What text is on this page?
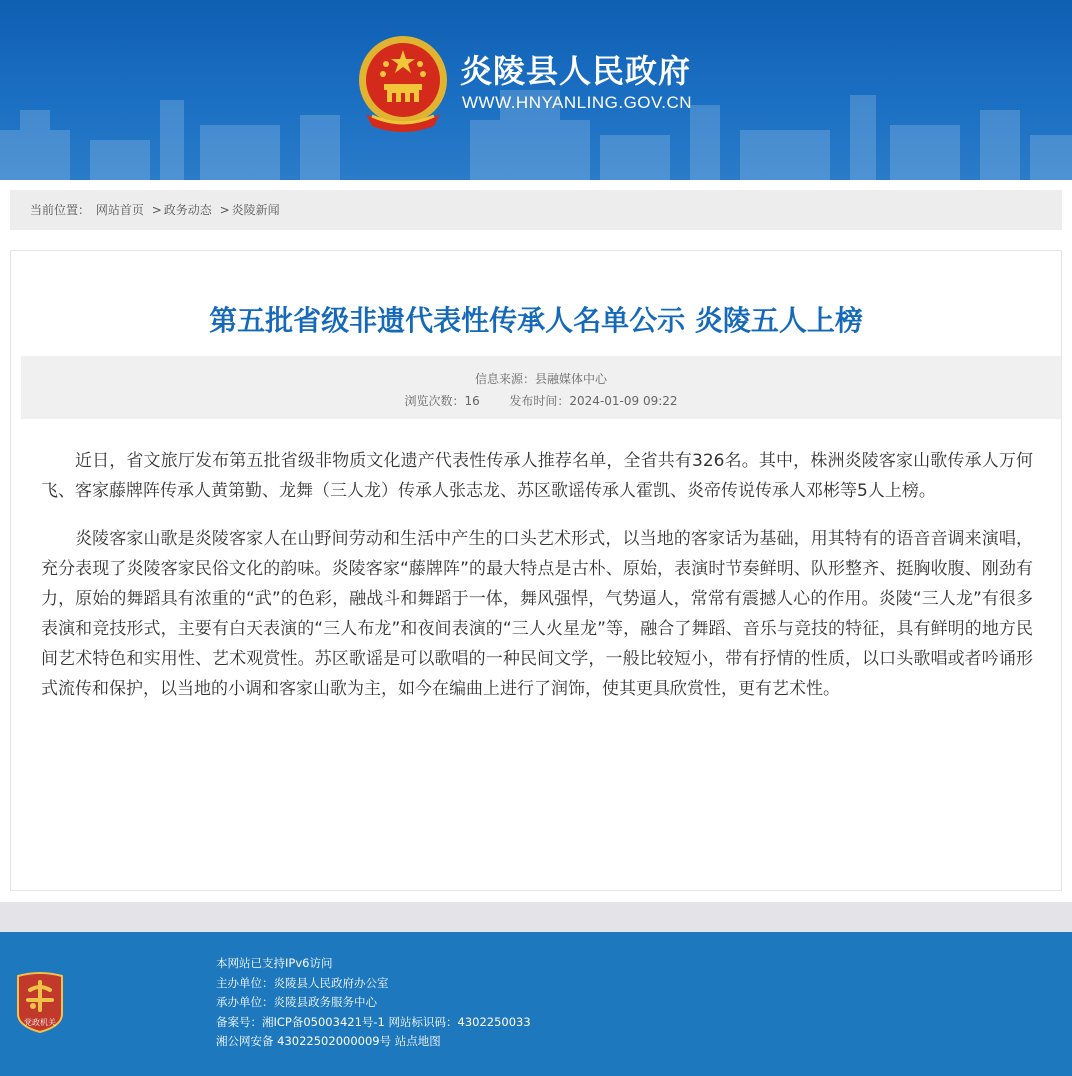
炎陵县人民政府
WWW.HNYANLING.GOV.CN
当前位置： 网站首页 > 政务动态 > 炎陵新闻
第五批省级非遗代表性传承人名单公示 炎陵五人上榜
信息来源：县融媒体中心
浏览次数：16 发布时间：2024-01-09 09:22

近日，省文旅厅发布第五批省级非物质文化遗产代表性传承人推荐名单，全省共有326名。其中，株洲炎陵客家山歌传承人万何飞、客家藤牌阵传承人黄第勤、龙舞（三人龙）传承人张志龙、苏区歌谣传承人霍凯、炎帝传说传承人邓彬等5人上榜。

炎陵客家山歌是炎陵客家人在山野间劳动和生活中产生的口头艺术形式，以当地的客家话为基础，用其特有的语音音调来演唱，充分表现了炎陵客家民俗文化的韵味。炎陵客家“藤牌阵”的最大特点是古朴、原始，表演时节奏鲜明、队形整齐、挺胸收腹、刚劲有力，原始的舞蹈具有浓重的“武”的色彩，融战斗和舞蹈于一体，舞风强悍，气势逼人，常常有震撼人心的作用。炎陵“三人龙”有很多表演和竞技形式，主要有白天表演的“三人布龙”和夜间表演的“三人火星龙”等，融合了舞蹈、音乐与竞技的特征，具有鲜明的地方民间艺术特色和实用性、艺术观赏性。苏区歌谣是可以歌唱的一种民间文学，一般比较短小，带有抒情的性质，以口头歌唱或者吟诵形式流传和保护，以当地的小调和客家山歌为主，如今在编曲上进行了润饰，使其更具欣赏性，更有艺术性。

党政机关
本网站已支持IPv6访问
主办单位：炎陵县人民政府办公室
承办单位：炎陵县政务服务中心
备案号：湘ICP备05003421号-1 网站标识码：4302250033
湘公网安备 43022502000009号 站点地图
